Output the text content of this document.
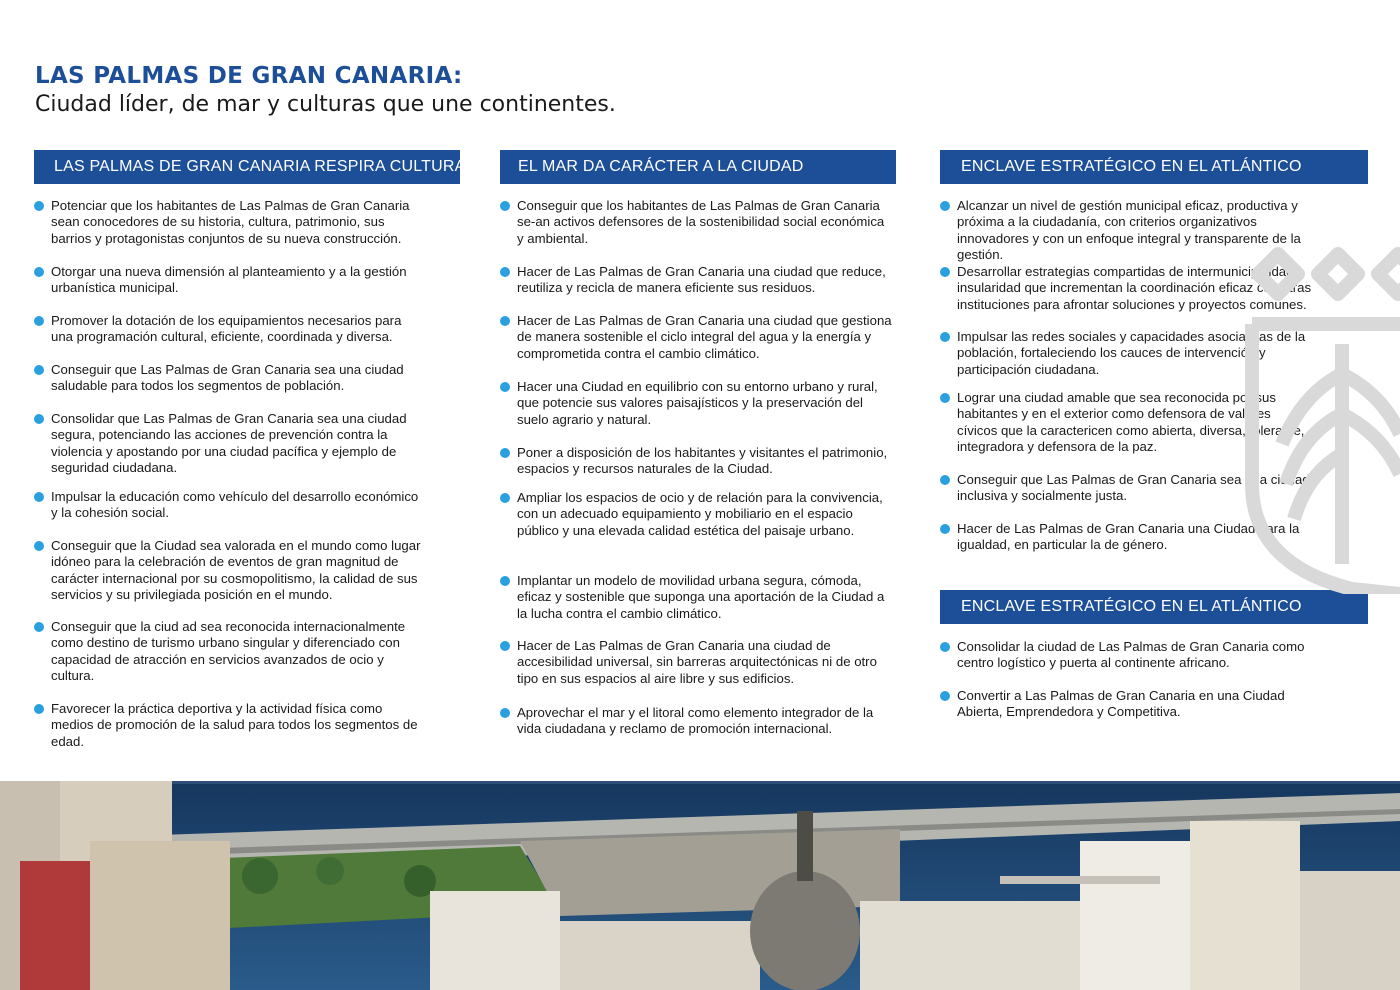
LAS PALMAS DE GRAN CANARIA:

Ciudad líder, de mar y culturas que une continentes.

LAS PALMAS DE GRAN CANARIA RESPIRA CULTURA
Potenciar que los habitantes de Las Palmas de Gran Canaria sean conocedores de su historia, cultura, patrimonio, sus barrios y protagonistas conjuntos de su nueva construcción.
Otorgar una nueva dimensión al planteamiento y a la gestión urbanística municipal.
Promover la dotación de los equipamientos necesarios para una programación cultural, eficiente, coordinada y diversa.
Conseguir que Las Palmas de Gran Canaria sea una ciudad saludable para todos los segmentos de población.
Consolidar que Las Palmas de Gran Canaria sea una ciudad segura, potenciando las acciones de prevención contra la violencia y apostando por una ciudad pacífica y ejemplo de seguridad ciudadana.
Impulsar la educación como vehículo del desarrollo económico y la cohesión social.
Conseguir que la Ciudad sea valorada en el mundo como lugar idóneo para la celebración de eventos de gran magnitud de carácter internacional por su cosmopolitismo, la calidad de sus servicios y su privilegiada posición en el mundo.
Conseguir que la ciud ad sea reconocida internacionalmente como destino de turismo urbano singular y diferenciado con capacidad de atracción en servicios avanzados de ocio y cultura.
Favorecer la práctica deportiva y la actividad física como medios de promoción de la salud para todos los segmentos de edad.
EL MAR DA CARÁCTER A LA CIUDAD
Conseguir que los habitantes de Las Palmas de Gran Canaria se-an activos defensores de la sostenibilidad social económica y ambiental.
Hacer de Las Palmas de Gran Canaria una ciudad que reduce, reutiliza y recicla de manera eficiente sus residuos.
Hacer de Las Palmas de Gran Canaria una ciudad que gestiona de manera sostenible el ciclo integral del agua y la energía y comprometida contra el cambio climático.
Hacer una Ciudad en equilibrio con su entorno urbano y rural, que potencie sus valores paisajísticos y la preservación del suelo agrario y natural.
Poner a disposición de los habitantes y visitantes el patrimonio, espacios y recursos naturales de la Ciudad.
Ampliar los espacios de ocio y de relación para la convivencia, con un adecuado equipamiento y mobiliario en el espacio público y una elevada calidad estética del paisaje urbano.
Implantar un modelo de movilidad urbana segura, cómoda, eficaz y sostenible que suponga una aportación de la Ciudad a la lucha contra el cambio climático.
Hacer de Las Palmas de Gran Canaria una ciudad de accesibilidad universal, sin barreras arquitectónicas ni de otro tipo en sus espacios al aire libre y sus edificios.
Aprovechar el mar y el litoral como elemento integrador de la vida ciudadana y reclamo de promoción internacional.
ENCLAVE ESTRATÉGICO EN EL ATLÁNTICO
Alcanzar un nivel de gestión municipal eficaz, productiva y próxima a la ciudadanía, con criterios organizativos innovadores y con un enfoque integral y transparente de la gestión.
Desarrollar estrategias compartidas de intermunicipalidad e insularidad que incrementan la coordinación eficaz con otras instituciones para afrontar soluciones y proyectos comunes.
Impulsar las redes sociales y capacidades asociativas de la población, fortaleciendo los cauces de intervención y participación ciudadana.
Lograr una ciudad amable que sea reconocida por sus habitantes y en el exterior como defensora de valores cívicos que la caractericen como abierta, diversa, tolerante, integradora y defensora de la paz.
Conseguir que Las Palmas de Gran Canaria sea una ciudad inclusiva y socialmente justa.
Hacer de Las Palmas de Gran Canaria una Ciudad para la igualdad, en particular la de género.
ENCLAVE ESTRATÉGICO EN EL ATLÁNTICO
Consolidar la ciudad de Las Palmas de Gran Canaria como centro logístico y puerta al continente africano.
Convertir a Las Palmas de Gran Canaria en una Ciudad Abierta, Emprendedora y Competitiva.
